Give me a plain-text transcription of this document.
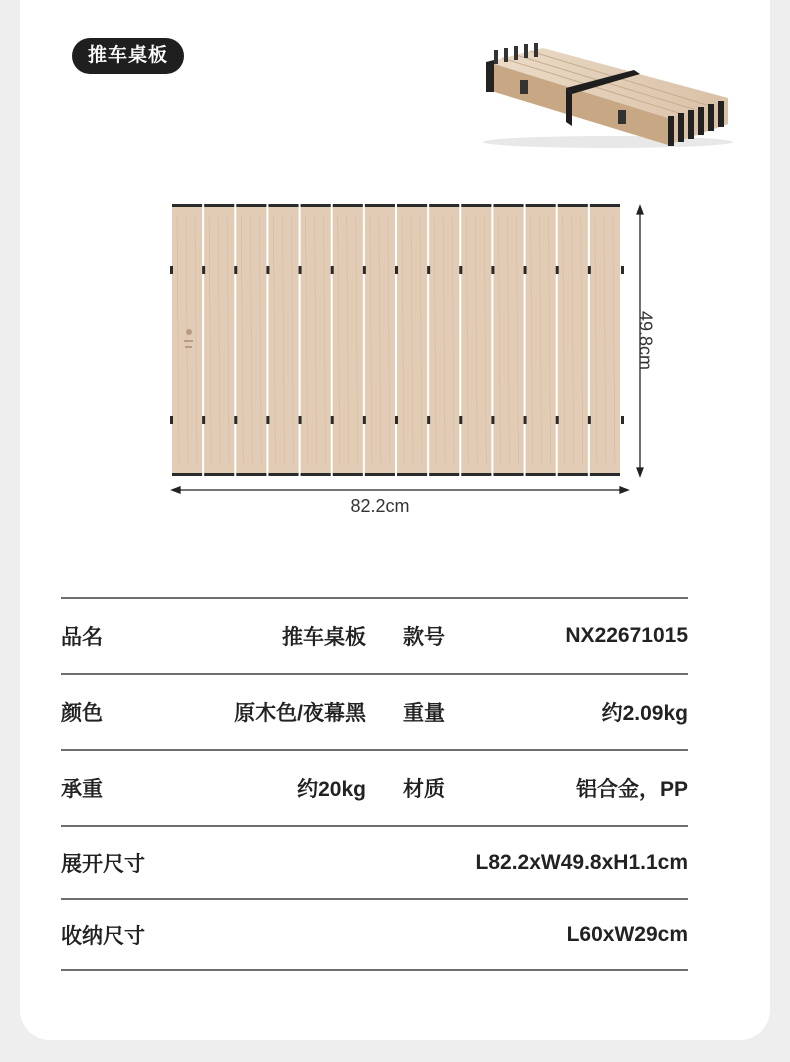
推车桌板
82.2cm
49.8cm
品名	推车桌板 款号	NX22671015
颜色	原木色/夜幕黑 重量	约2.09kg
承重	约20kg 材质	铝合金，PP
展开尺寸	L82.2xW49.8xH1.1cm
收纳尺寸	L60xW29cm
